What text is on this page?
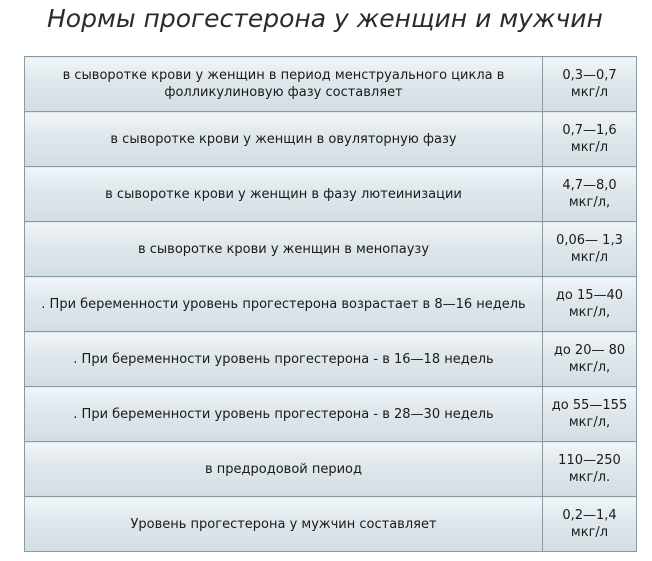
Нормы прогестерона у женщин и мужчин
в сыворотке крови у женщин в период менструального цикла в фолликулиновую фазу составляет	0,3—0,7 мкг/л
в сыворотке крови у женщин в овуляторную фазу	0,7—1,6 мкг/л
в сыворотке крови у женщин в фазу лютеинизации	4,7—8,0 мкг/л,
в сыворотке крови у женщин в менопаузу	0,06— 1,3 мкг/л
. При беременности уровень прогестерона возрастает в 8—16 недель	до 15—40 мкг/л,
. При беременности уровень прогестерона - в 16—18 недель	до 20— 80 мкг/л,
. При беременности уровень прогестерона - в 28—30 недель	до 55—155 мкг/л,
в предродовой период	110—250 мкг/л.
Уровень прогестерона у мужчин составляет	0,2—1,4 мкг/л
